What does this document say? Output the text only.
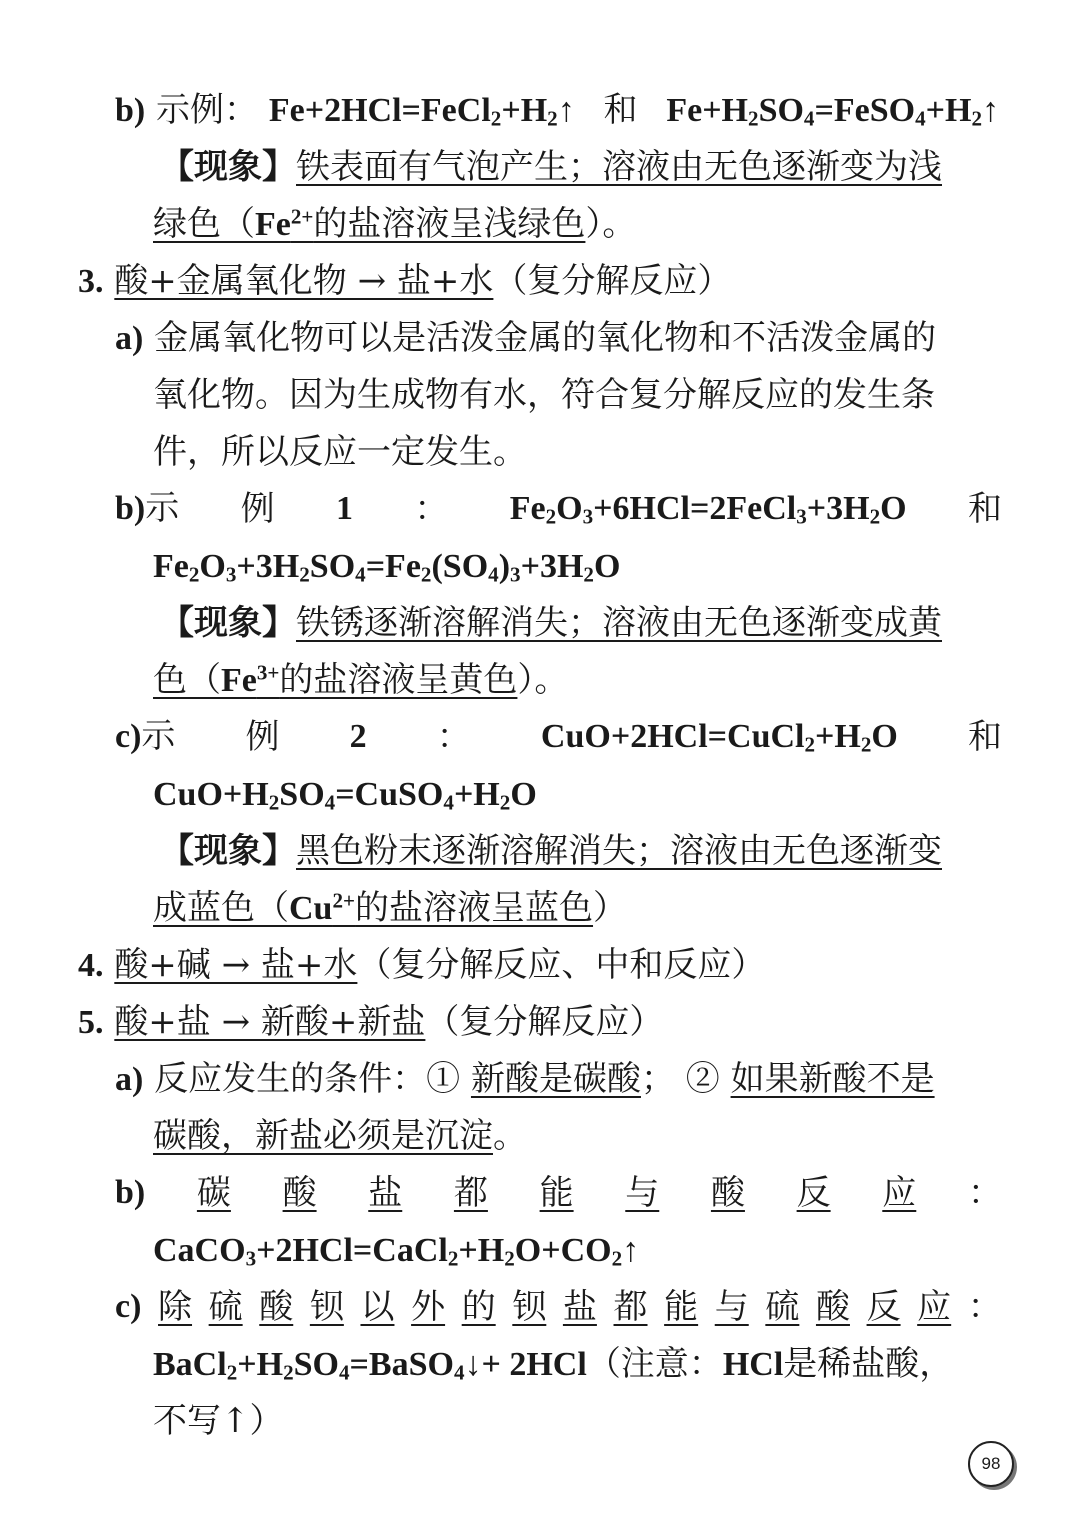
b) 示例： $Fe+2HCl=FeCl_2+H_2↑$ 和 $Fe+H_2SO_4=FeSO_4+H_2↑$
【现象】铁表面有气泡产生；溶液由无色逐渐变为浅
绿色（$Fe^{2+}$的盐溶液呈浅绿色）。
3. 酸+金属氧化物 → 盐+水（复分解反应）
a) 金属氧化物可以是活泼金属的氧化物和不活泼金属的
氧化物。因为生成物有水，符合复分解反应的发生条
件，所以反应一定发生。
b)示 例 1 ： $Fe_2O_3+6HCl=2FeCl_3+3H_2O$ 和
$Fe_2O_3+3H_2SO_4=Fe_2(SO_4)_3+3H_2O$
【现象】铁锈逐渐溶解消失；溶液由无色逐渐变成黄
色（$Fe^{3+}$的盐溶液呈黄色）。
c)示 例 2 ： $CuO+2HCl=CuCl_2+H_2O$ 和
$CuO+H_2SO_4=CuSO_4+H_2O$
【现象】黑色粉末逐渐溶解消失；溶液由无色逐渐变
成蓝色（$Cu^{2+}$的盐溶液呈蓝色）
4. 酸+碱 → 盐+水（复分解反应、中和反应）
5. 酸+盐 → 新酸+新盐（复分解反应）
a) 反应发生的条件：① 新酸是碳酸； ② 如果新酸不是
碳酸，新盐必须是沉淀。
b) 碳 酸 盐 都 能 与 酸 反 应 ：
$CaCO_3+2HCl=CaCl_2+H_2O+CO_2↑$
c) 除 硫 酸 钡 以 外 的 钡 盐 都 能 与 硫 酸 反 应 ：
$BaCl_2+H_2SO_4=BaSO_4↓+ 2HCl$（注意：HCl是稀盐酸，
不写↑）
98
